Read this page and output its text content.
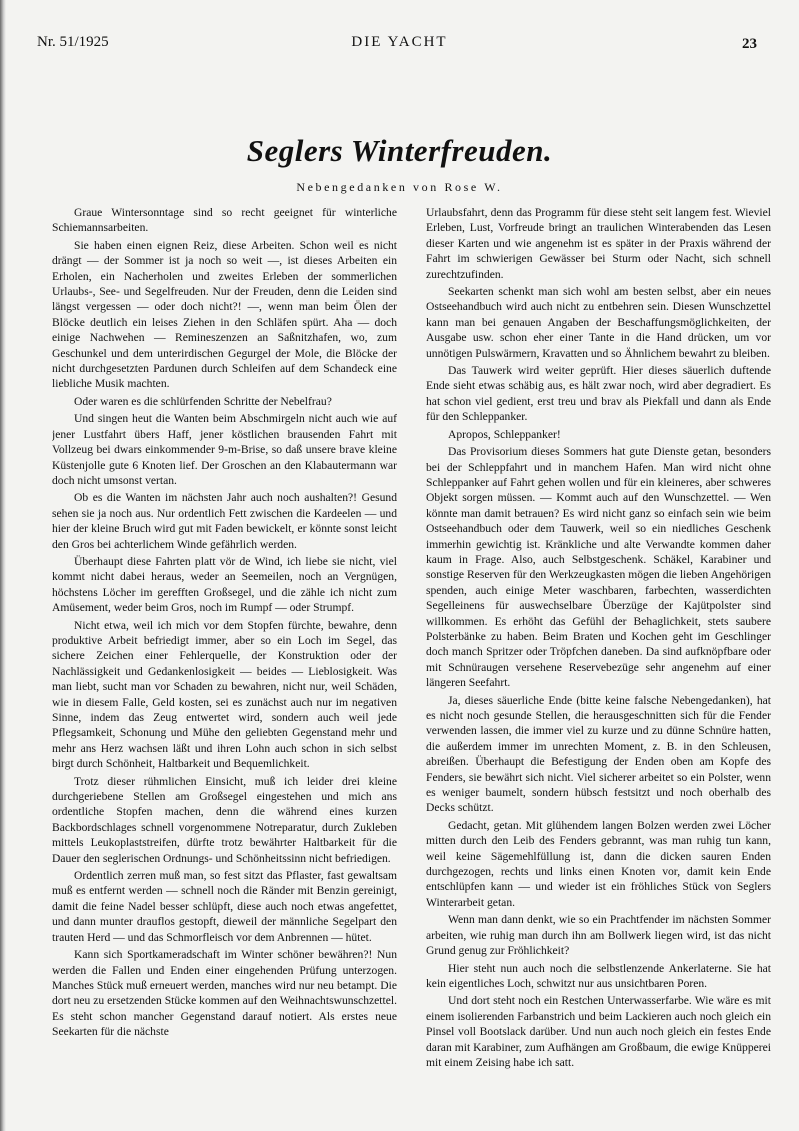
Nr. 51/1925	DIE YACHT	23
Seglers Winterfreuden.
Nebengedanken von Rose W.

Graue Wintersonntage sind so recht geeignet für winterliche Schiemannsarbeiten.

Sie haben einen eignen Reiz, diese Arbeiten. Schon weil es nicht drängt — der Sommer ist ja noch so weit —, ist dieses Arbeiten ein Erholen, ein Nacherholen und zweites Erleben der sommerlichen Urlaubs-, See- und Segelfreuden. Nur der Freuden, denn die Leiden sind längst vergessen — oder doch nicht?! —, wenn man beim Ölen der Blöcke deutlich ein leises Ziehen in den Schläfen spürt. Aha — doch einige Nachwehen — Remineszenzen an Saßnitzhafen, wo, zum Geschunkel und dem unterirdischen Gegurgel der Mole, die Blöcke der nicht durchgesetzten Pardunen durch Schleifen auf dem Schandeck eine liebliche Musik machten.

Oder waren es die schlürfenden Schritte der Nebelfrau?

Und singen heut die Wanten beim Abschmirgeln nicht auch wie auf jener Lustfahrt übers Haff, jener köstlichen brausenden Fahrt mit Vollzeug bei dwars einkommender 9-m-Brise, so daß unsere brave kleine Küstenjolle gute 6 Knoten lief. Der Groschen an den Klabautermann war doch nicht umsonst vertan.

Ob es die Wanten im nächsten Jahr auch noch aushalten?! Gesund sehen sie ja noch aus. Nur ordentlich Fett zwischen die Kardeelen — und hier der kleine Bruch wird gut mit Faden bewickelt, er könnte sonst leicht den Gros bei achterlichem Winde gefährlich werden.

Überhaupt diese Fahrten platt vör de Wind, ich liebe sie nicht, viel kommt nicht dabei heraus, weder an Seemeilen, noch an Vergnügen, höchstens Löcher im gerefften Großsegel, und die zähle ich nicht zum Amüsement, weder beim Gros, noch im Rumpf — oder Strumpf.

Nicht etwa, weil ich mich vor dem Stopfen fürchte, bewahre, denn produktive Arbeit befriedigt immer, aber so ein Loch im Segel, das sichere Zeichen einer Fehlerquelle, der Konstruktion oder der Nachlässigkeit und Gedankenlosigkeit — beides — Lieblosigkeit. Was man liebt, sucht man vor Schaden zu bewahren, nicht nur, weil Schäden, wie in diesem Falle, Geld kosten, sei es zunächst auch nur im negativen Sinne, indem das Zeug entwertet wird, sondern auch weil jede Pflegsamkeit, Schonung und Mühe den geliebten Gegenstand mehr und mehr ans Herz wachsen läßt und ihren Lohn auch schon in sich selbst birgt durch Schönheit, Haltbarkeit und Bequemlichkeit.

Trotz dieser rühmlichen Einsicht, muß ich leider drei kleine durchgeriebene Stellen am Großsegel eingestehen und mich ans ordentliche Stopfen machen, denn die während eines kurzen Backbordschlages schnell vorgenommene Notreparatur, durch Zukleben mittels Leukoplaststreifen, dürfte trotz bewährter Haltbarkeit für die Dauer den seglerischen Ordnungs- und Schönheitssinn nicht befriedigen.

Ordentlich zerren muß man, so fest sitzt das Pflaster, fast gewaltsam muß es entfernt werden — schnell noch die Ränder mit Benzin gereinigt, damit die feine Nadel besser schlüpft, diese auch noch etwas angefettet, und dann munter drauflos gestopft, dieweil der männliche Segelpart den trauten Herd — und das Schmorfleisch vor dem Anbrennen — hütet.

Kann sich Sportkameradschaft im Winter schöner bewähren?! Nun werden die Fallen und Enden einer eingehenden Prüfung unterzogen. Manches Stück muß erneuert werden, manches wird nur neu betampt. Die dort neu zu ersetzenden Stücke kommen auf den Weihnachtswunschzettel. Es steht schon mancher Gegenstand darauf notiert. Als erstes neue Seekarten für die nächste

Urlaubsfahrt, denn das Programm für diese steht seit langem fest. Wieviel Erleben, Lust, Vorfreude bringt an traulichen Winterabenden das Lesen dieser Karten und wie angenehm ist es später in der Praxis während der Fahrt im schwierigen Gewässer bei Sturm oder Nacht, sich schnell zurechtzufinden.

Seekarten schenkt man sich wohl am besten selbst, aber ein neues Ostseehandbuch wird auch nicht zu entbehren sein. Diesen Wunschzettel kann man bei genauen Angaben der Beschaffungsmöglichkeiten, der Ausgabe usw. schon eher einer Tante in die Hand drücken, um vor unnötigen Pulswärmern, Kravatten und so Ähnlichem bewahrt zu bleiben.

Das Tauwerk wird weiter geprüft. Hier dieses säuerlich duftende Ende sieht etwas schäbig aus, es hält zwar noch, wird aber degradiert. Es hat schon viel gedient, erst treu und brav als Piekfall und dann als Ende für den Schleppanker.

Apropos, Schleppanker!

Das Provisorium dieses Sommers hat gute Dienste getan, besonders bei der Schleppfahrt und in manchem Hafen. Man wird nicht ohne Schleppanker auf Fahrt gehen wollen und für ein kleineres, aber schweres Objekt sorgen müssen. — Kommt auch auf den Wunschzettel. — Wen könnte man damit betrauen? Es wird nicht ganz so einfach sein wie beim Ostseehandbuch oder dem Tauwerk, weil so ein niedliches Geschenk immerhin gewichtig ist. Kränkliche und alte Verwandte kommen daher kaum in Frage. Also, auch Selbstgeschenk. Schäkel, Karabiner und sonstige Reserven für den Werkzeugkasten mögen die lieben Angehörigen spenden, auch einige Meter waschbaren, farbechten, wasserdichten Segelleinens für auswechselbare Überzüge der Kajütpolster sind willkommen. Es erhöht das Gefühl der Behaglichkeit, stets saubere Polsterbänke zu haben. Beim Braten und Kochen geht im Geschlinger doch manch Spritzer oder Tröpfchen daneben. Da sind aufknöpfbare oder mit Schnüraugen versehene Reservebezüge sehr angenehm auf einer längeren Seefahrt.

Ja, dieses säuerliche Ende (bitte keine falsche Nebengedanken), hat es nicht noch gesunde Stellen, die herausgeschnitten sich für die Fender verwenden lassen, die immer viel zu kurze und zu dünne Schnüre hatten, die außerdem immer im unrechten Moment, z. B. in den Schleusen, abreißen. Überhaupt die Befestigung der Enden oben am Kopfe des Fenders, sie bewährt sich nicht. Viel sicherer arbeitet so ein Polster, wenn es weniger baumelt, sondern hübsch festsitzt und noch oberhalb des Decks schützt.

Gedacht, getan. Mit glühendem langen Bolzen werden zwei Löcher mitten durch den Leib des Fenders gebrannt, was man ruhig tun kann, weil keine Sägemehlfüllung ist, dann die dicken sauren Enden durchgezogen, rechts und links einen Knoten vor, damit kein Ende entschlüpfen kann — und wieder ist ein fröhliches Stück von Seglers Winterarbeit getan.

Wenn man dann denkt, wie so ein Prachtfender im nächsten Sommer arbeiten, wie ruhig man durch ihn am Bollwerk liegen wird, ist das nicht Grund genug zur Fröhlichkeit?

Hier steht nun auch noch die selbstlenzende Ankerlaterne. Sie hat kein eigentliches Loch, schwitzt nur aus unsichtbaren Poren.

Und dort steht noch ein Restchen Unterwasserfarbe. Wie wäre es mit einem isolierenden Farbanstrich und beim Lackieren auch noch gleich ein Pinsel voll Bootslack darüber. Und nun auch noch gleich ein festes Ende daran mit Karabiner, zum Aufhängen am Großbaum, die ewige Knüpperei mit einem Zeising habe ich satt.
